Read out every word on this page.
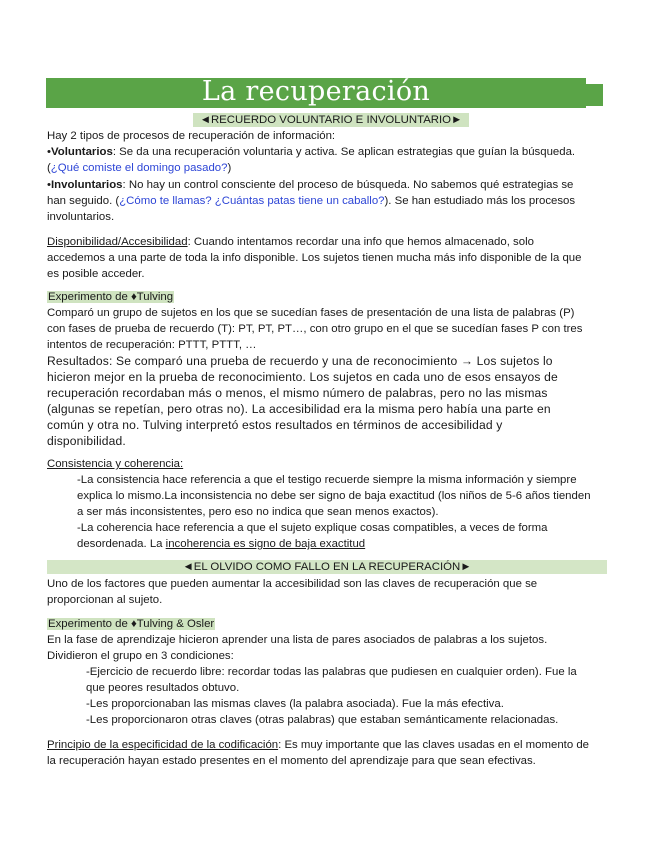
La recuperación
◄RECUERDO VOLUNTARIO E INVOLUNTARIO►
Hay 2 tipos de procesos de recuperación de información:
•Voluntarios: Se da una recuperación voluntaria y activa. Se aplican estrategias que guían la búsqueda.
(¿Qué comiste el domingo pasado?)
•Involuntarios: No hay un control consciente del proceso de búsqueda. No sabemos qué estrategias se
han seguido. (¿Cómo te llamas? ¿Cuántas patas tiene un caballo?). Se han estudiado más los procesos
involuntarios.
Disponibilidad/Accesibilidad: Cuando intentamos recordar una info que hemos almacenado, solo
accedemos a una parte de toda la info disponible. Los sujetos tienen mucha más info disponible de la que
es posible acceder.
Experimento de ♦Tulving
Comparó un grupo de sujetos en los que se sucedían fases de presentación de una lista de palabras (P)
con fases de prueba de recuerdo (T): PT, PT, PT…, con otro grupo en el que se sucedían fases P con tres
intentos de recuperación: PTTT, PTTT, …
Resultados: Se comparó una prueba de recuerdo y una de reconocimiento → Los sujetos lo
hicieron mejor en la prueba de reconocimiento. Los sujetos en cada uno de esos ensayos de
recuperación recordaban más o menos, el mismo número de palabras, pero no las mismas
(algunas se repetían, pero otras no). La accesibilidad era la misma pero había una parte en
común y otra no. Tulving interpretó estos resultados en términos de accesibilidad y
disponibilidad.
Consistencia y coherencia:
-La consistencia hace referencia a que el testigo recuerde siempre la misma información y siempre
explica lo mismo.La inconsistencia no debe ser signo de baja exactitud (los niños de 5-6 años tienden
a ser más inconsistentes, pero eso no indica que sean menos exactos).
-La coherencia hace referencia a que el sujeto explique cosas compatibles, a veces de forma
desordenada. La incoherencia es signo de baja exactitud
◄EL OLVIDO COMO FALLO EN LA RECUPERACIÓN►
Uno de los factores que pueden aumentar la accesibilidad son las claves de recuperación que se
proporcionan al sujeto.
Experimento de ♦Tulving & Osler
En la fase de aprendizaje hicieron aprender una lista de pares asociados de palabras a los sujetos.
Dividieron el grupo en 3 condiciones:
-Ejercicio de recuerdo libre: recordar todas las palabras que pudiesen en cualquier orden). Fue la
que peores resultados obtuvo.
-Les proporcionaban las mismas claves (la palabra asociada). Fue la más efectiva.
-Les proporcionaron otras claves (otras palabras) que estaban semánticamente relacionadas.
Principio de la especificidad de la codificación: Es muy importante que las claves usadas en el momento de
la recuperación hayan estado presentes en el momento del aprendizaje para que sean efectivas.
